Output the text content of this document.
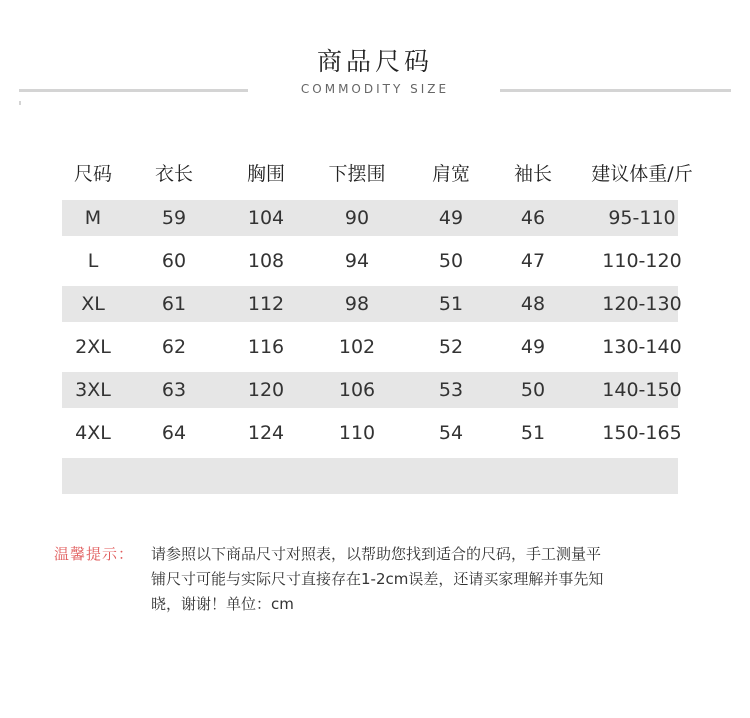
商品尺码
COMMODITY SIZE
尺码	衣长	胸围	下摆围	肩宽	袖长	建议体重/斤
M	59	104	90	49	46	95-110
L	60	108	94	50	47	110-120
XL	61	112	98	51	48	120-130
2XL	62	116	102	52	49	130-140
3XL	63	120	106	53	50	140-150
4XL	64	124	110	54	51	150-165
温馨提示： 请参照以下商品尺寸对照表，以帮助您找到适合的尺码，手工测量平
铺尺寸可能与实际尺寸直接存在1-2cm误差，还请买家理解并事先知
晓，谢谢！单位：cm
